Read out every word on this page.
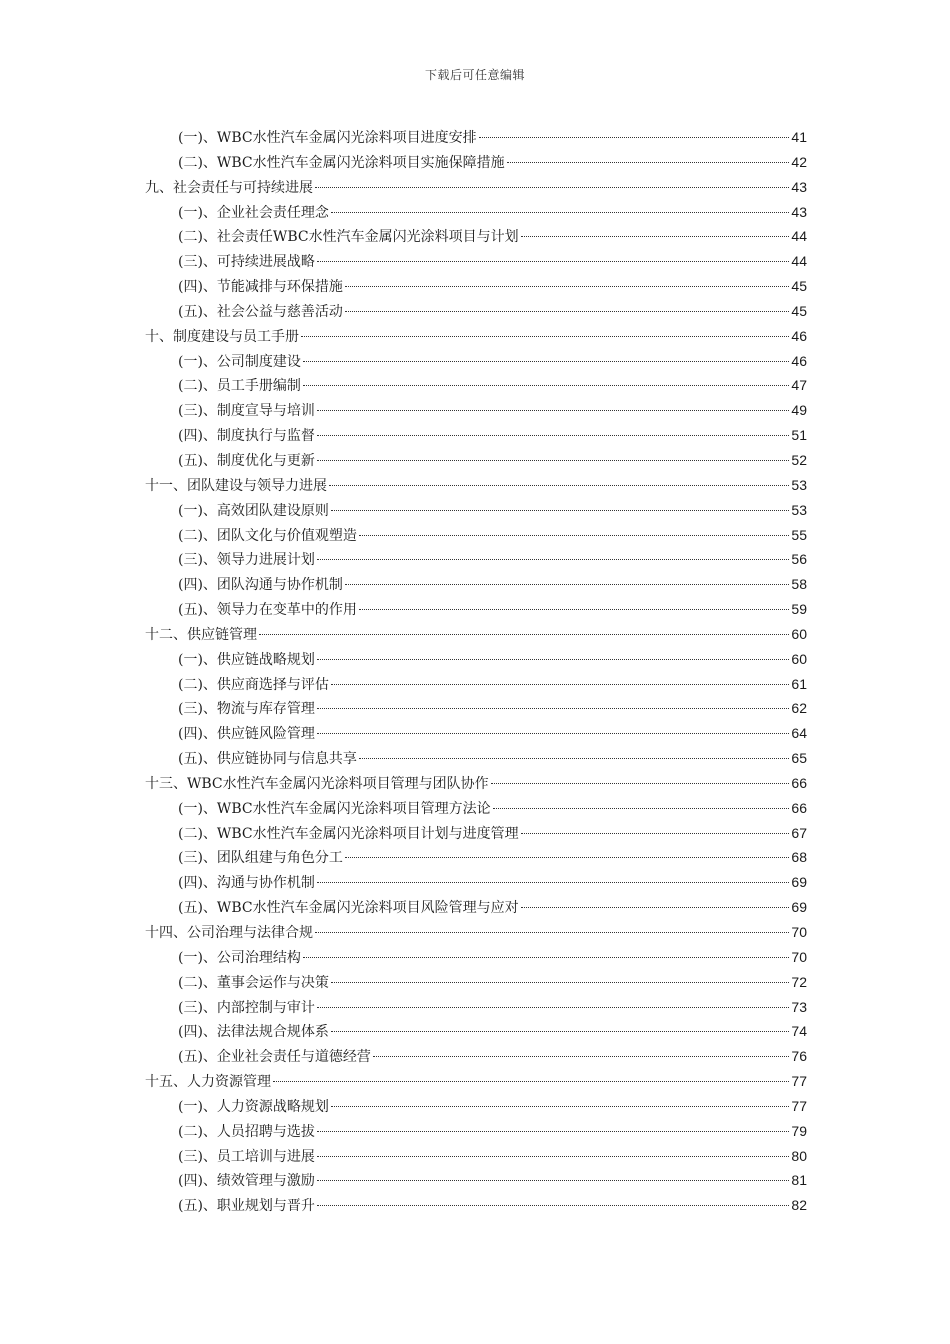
下载后可任意编辑
(一)、WBC水性汽车金属闪光涂料项目进度安排	41
(二)、WBC水性汽车金属闪光涂料项目实施保障措施	42
九、社会责任与可持续进展	43
(一)、企业社会责任理念	43
(二)、社会责任WBC水性汽车金属闪光涂料项目与计划	44
(三)、可持续进展战略	44
(四)、节能减排与环保措施	45
(五)、社会公益与慈善活动	45
十、制度建设与员工手册	46
(一)、公司制度建设	46
(二)、员工手册编制	47
(三)、制度宣导与培训	49
(四)、制度执行与监督	51
(五)、制度优化与更新	52
十一、团队建设与领导力进展	53
(一)、高效团队建设原则	53
(二)、团队文化与价值观塑造	55
(三)、领导力进展计划	56
(四)、团队沟通与协作机制	58
(五)、领导力在变革中的作用	59
十二、供应链管理	60
(一)、供应链战略规划	60
(二)、供应商选择与评估	61
(三)、物流与库存管理	62
(四)、供应链风险管理	64
(五)、供应链协同与信息共享	65
十三、WBC水性汽车金属闪光涂料项目管理与团队协作	66
(一)、WBC水性汽车金属闪光涂料项目管理方法论	66
(二)、WBC水性汽车金属闪光涂料项目计划与进度管理	67
(三)、团队组建与角色分工	68
(四)、沟通与协作机制	69
(五)、WBC水性汽车金属闪光涂料项目风险管理与应对	69
十四、公司治理与法律合规	70
(一)、公司治理结构	70
(二)、董事会运作与决策	72
(三)、内部控制与审计	73
(四)、法律法规合规体系	74
(五)、企业社会责任与道德经营	76
十五、人力资源管理	77
(一)、人力资源战略规划	77
(二)、人员招聘与选拔	79
(三)、员工培训与进展	80
(四)、绩效管理与激励	81
(五)、职业规划与晋升	82
